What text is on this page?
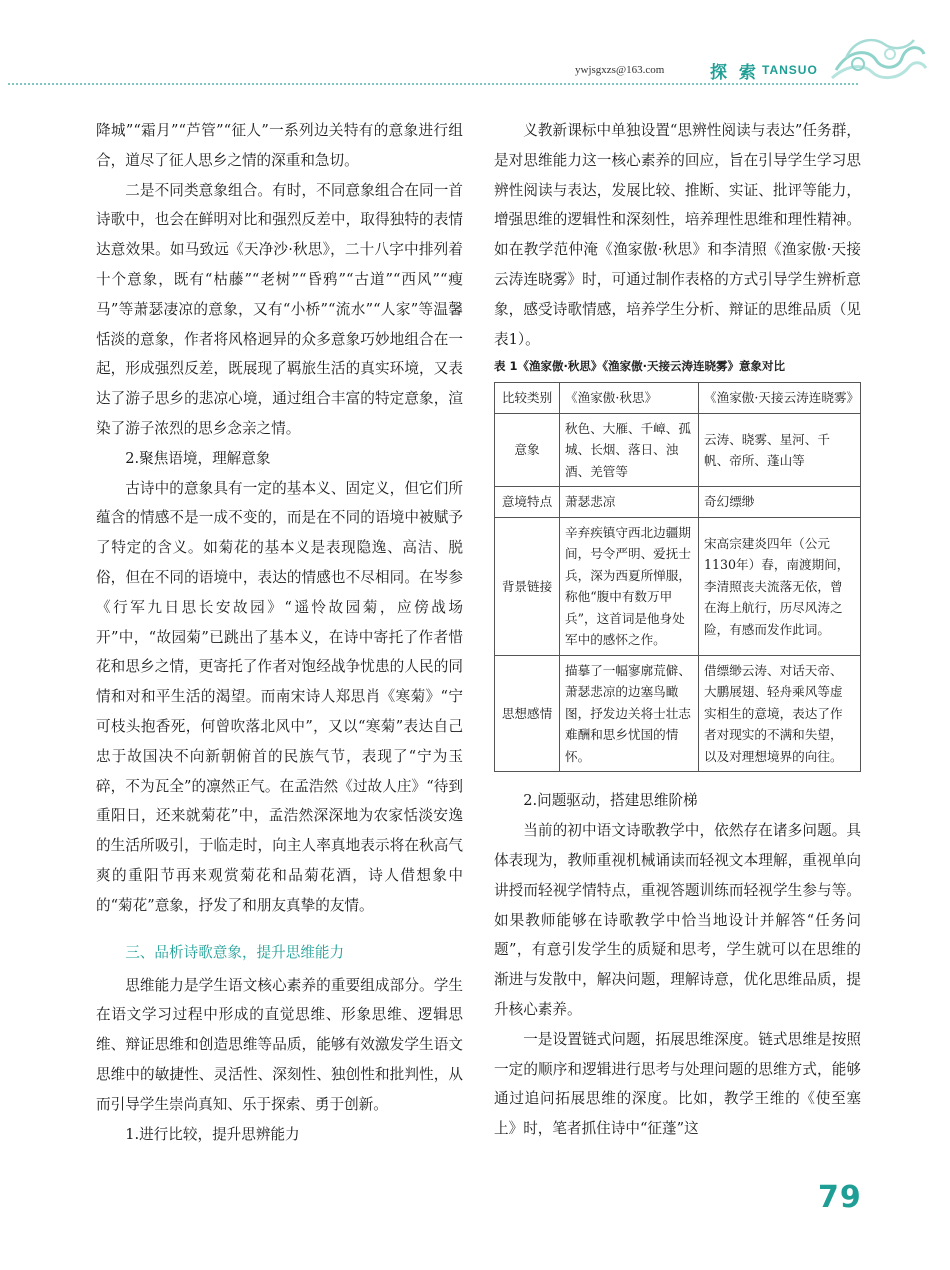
ywjsgxzs@163.com	探 索 TANSUO

降城”“霜月”“芦管”“征人”一系列边关特有的意象进行组合，道尽了征人思乡之情的深重和急切。

二是不同类意象组合。有时，不同意象组合在同一首诗歌中，也会在鲜明对比和强烈反差中，取得独特的表情达意效果。如马致远《天净沙·秋思》，二十八字中排列着十个意象，既有“枯藤”“老树”“昏鸦”“古道”“西风”“瘦马”等萧瑟凄凉的意象，又有“小桥”“流水”“人家”等温馨恬淡的意象，作者将风格迥异的众多意象巧妙地组合在一起，形成强烈反差，既展现了羁旅生活的真实环境，又表达了游子思乡的悲凉心境，通过组合丰富的特定意象，渲染了游子浓烈的思乡念亲之情。

2.聚焦语境，理解意象

古诗中的意象具有一定的基本义、固定义，但它们所蕴含的情感不是一成不变的，而是在不同的语境中被赋予了特定的含义。如菊花的基本义是表现隐逸、高洁、脱俗，但在不同的语境中，表达的情感也不尽相同。在岑参《行军九日思长安故园》“遥怜故园菊，应傍战场开”中，“故园菊”已跳出了基本义，在诗中寄托了作者惜花和思乡之情，更寄托了作者对饱经战争忧患的人民的同情和对和平生活的渴望。而南宋诗人郑思肖《寒菊》“宁可枝头抱香死，何曾吹落北风中”，又以“寒菊”表达自己忠于故国决不向新朝俯首的民族气节，表现了“宁为玉碎，不为瓦全”的凛然正气。在孟浩然《过故人庄》“待到重阳日，还来就菊花”中，孟浩然深深地为农家恬淡安逸的生活所吸引，于临走时，向主人率真地表示将在秋高气爽的重阳节再来观赏菊花和品菊花酒，诗人借想象中的“菊花”意象，抒发了和朋友真挚的友情。

三、品析诗歌意象，提升思维能力

思维能力是学生语文核心素养的重要组成部分。学生在语文学习过程中形成的直觉思维、形象思维、逻辑思维、辩证思维和创造思维等品质，能够有效激发学生语文思维中的敏捷性、灵活性、深刻性、独创性和批判性，从而引导学生崇尚真知、乐于探索、勇于创新。

1.进行比较，提升思辨能力

义教新课标中单独设置“思辨性阅读与表达”任务群，是对思维能力这一核心素养的回应，旨在引导学生学习思辨性阅读与表达，发展比较、推断、实证、批评等能力，增强思维的逻辑性和深刻性，培养理性思维和理性精神。如在教学范仲淹《渔家傲·秋思》和李清照《渔家傲·天接云涛连晓雾》时，可通过制作表格的方式引导学生辨析意象，感受诗歌情感，培养学生分析、辩证的思维品质（见表1）。

表 1《渔家傲·秋思》《渔家傲·天接云涛连晓雾》意象对比
比较类别	《渔家傲·秋思》	《渔家傲·天接云涛连晓雾》
意象	秋色、大雁、千嶂、孤城、长烟、落日、浊酒、羌管等	云涛、晓雾、星河、千帆、帝所、蓬山等
意境特点	萧瑟悲凉	奇幻缥缈
背景链接	辛弃疾镇守西北边疆期间，号令严明、爱抚士兵，深为西夏所惮服，称他“腹中有数万甲兵”，这首词是他身处军中的感怀之作。	宋高宗建炎四年（公元1130年）春，南渡期间，李清照丧夫流落无依，曾在海上航行，历尽风涛之险，有感而发作此词。
思想感情	描摹了一幅寥廓荒僻、萧瑟悲凉的边塞鸟瞰图，抒发边关将士壮志难酬和思乡忧国的情怀。	借缥缈云涛、对话天帝、大鹏展翅、轻舟乘风等虚实相生的意境，表达了作者对现实的不满和失望，以及对理想境界的向往。

2.问题驱动，搭建思维阶梯

当前的初中语文诗歌教学中，依然存在诸多问题。具体表现为，教师重视机械诵读而轻视文本理解，重视单向讲授而轻视学情特点，重视答题训练而轻视学生参与等。如果教师能够在诗歌教学中恰当地设计并解答“任务问题”，有意引发学生的质疑和思考，学生就可以在思维的渐进与发散中，解决问题，理解诗意，优化思维品质，提升核心素养。

一是设置链式问题，拓展思维深度。链式思维是按照一定的顺序和逻辑进行思考与处理问题的思维方式，能够通过追问拓展思维的深度。比如，教学王维的《使至塞上》时，笔者抓住诗中“征蓬”这

79
